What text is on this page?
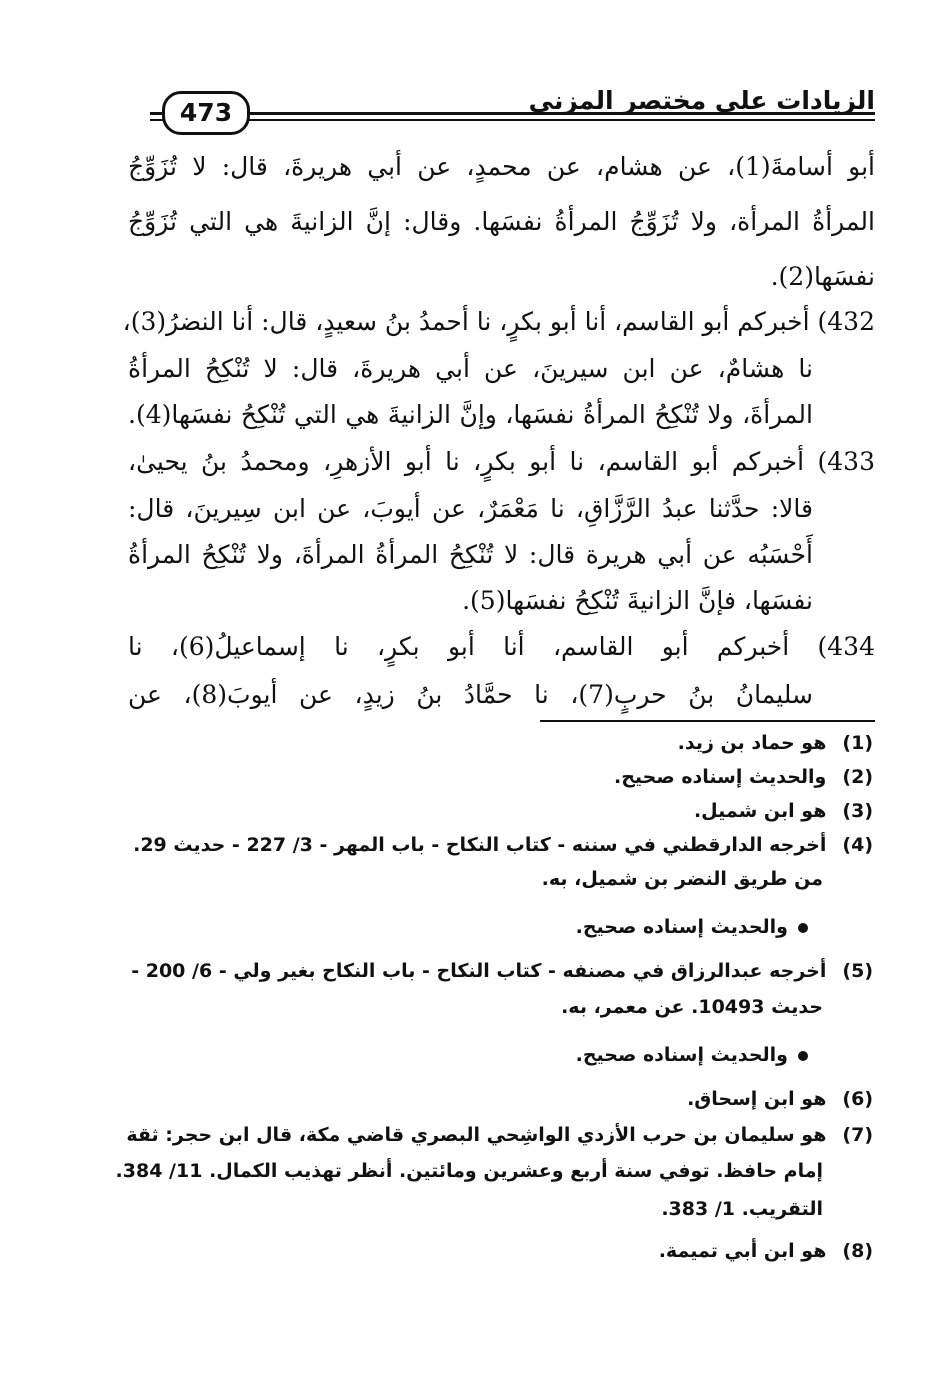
473	الزيادات على مختصر المزني
أبو أسامةَ(1)، عن هشام، عن محمدٍ، عن أبي هريرةَ، قال: لا تُزَوِّجُ
المرأةُ المرأة، ولا تُزَوِّجُ المرأةُ نفسَها. وقال: إنَّ الزانيةَ هي التي تُزَوِّجُ
نفسَها(2).
432) أخبركم أبو القاسم، أنا أبو بكرٍ، نا أحمدُ بنُ سعيدٍ، قال: أنا النضرُ(3)،
نا هشامٌ، عن ابن سيرينَ، عن أبي هريرةَ، قال: لا تُنْكِحُ المرأةُ
المرأةَ، ولا تُنْكِحُ المرأةُ نفسَها، وإنَّ الزانيةَ هي التي تُنْكِحُ نفسَها(4).
433) أخبركم أبو القاسم، نا أبو بكرٍ، نا أبو الأزهرِ، ومحمدُ بنُ يحيىٰ،
قالا: حدَّثنا عبدُ الرَّزَّاقِ، نا مَعْمَرٌ، عن أيوبَ، عن ابن سِيرينَ، قال:
أَحْسَبُه عن أبي هريرة قال: لا تُنْكِحُ المرأةُ المرأةَ، ولا تُنْكِحُ المرأةُ
نفسَها، فإنَّ الزانيةَ تُنْكِحُ نفسَها(5).
434) أخبركم أبو القاسم، أنا أبو بكرٍ، نا إسماعيلُ(6)، نا
سليمانُ بنُ حربٍ(7)، نا حمَّادُ بنُ زيدٍ، عن أيوبَ(8)، عن
(1) هو حماد بن زيد.
(2) والحديث إسناده صحيح.
(3) هو ابن شميل.
(4) أخرجه الدارقطني في سننه - كتاب النكاح - باب المهر - 3/ 227 - حديث 29.
من طريق النضر بن شميل، به.
والحديث إسناده صحيح.
(5) أخرجه عبدالرزاق في مصنفه - كتاب النكاح - باب النكاح بغير ولي - 6/ 200 -
حديث 10493. عن معمر، به.
والحديث إسناده صحيح.
(6) هو ابن إسحاق.
(7) هو سليمان بن حرب الأزدي الواشِحي البصري قاضي مكة، قال ابن حجر: ثقة
إمام حافظ. توفي سنة أربع وعشرين ومائتين. أنظر تهذيب الكمال. 11/ 384.
التقريب. 1/ 383.
(8) هو ابن أبي تميمة.
